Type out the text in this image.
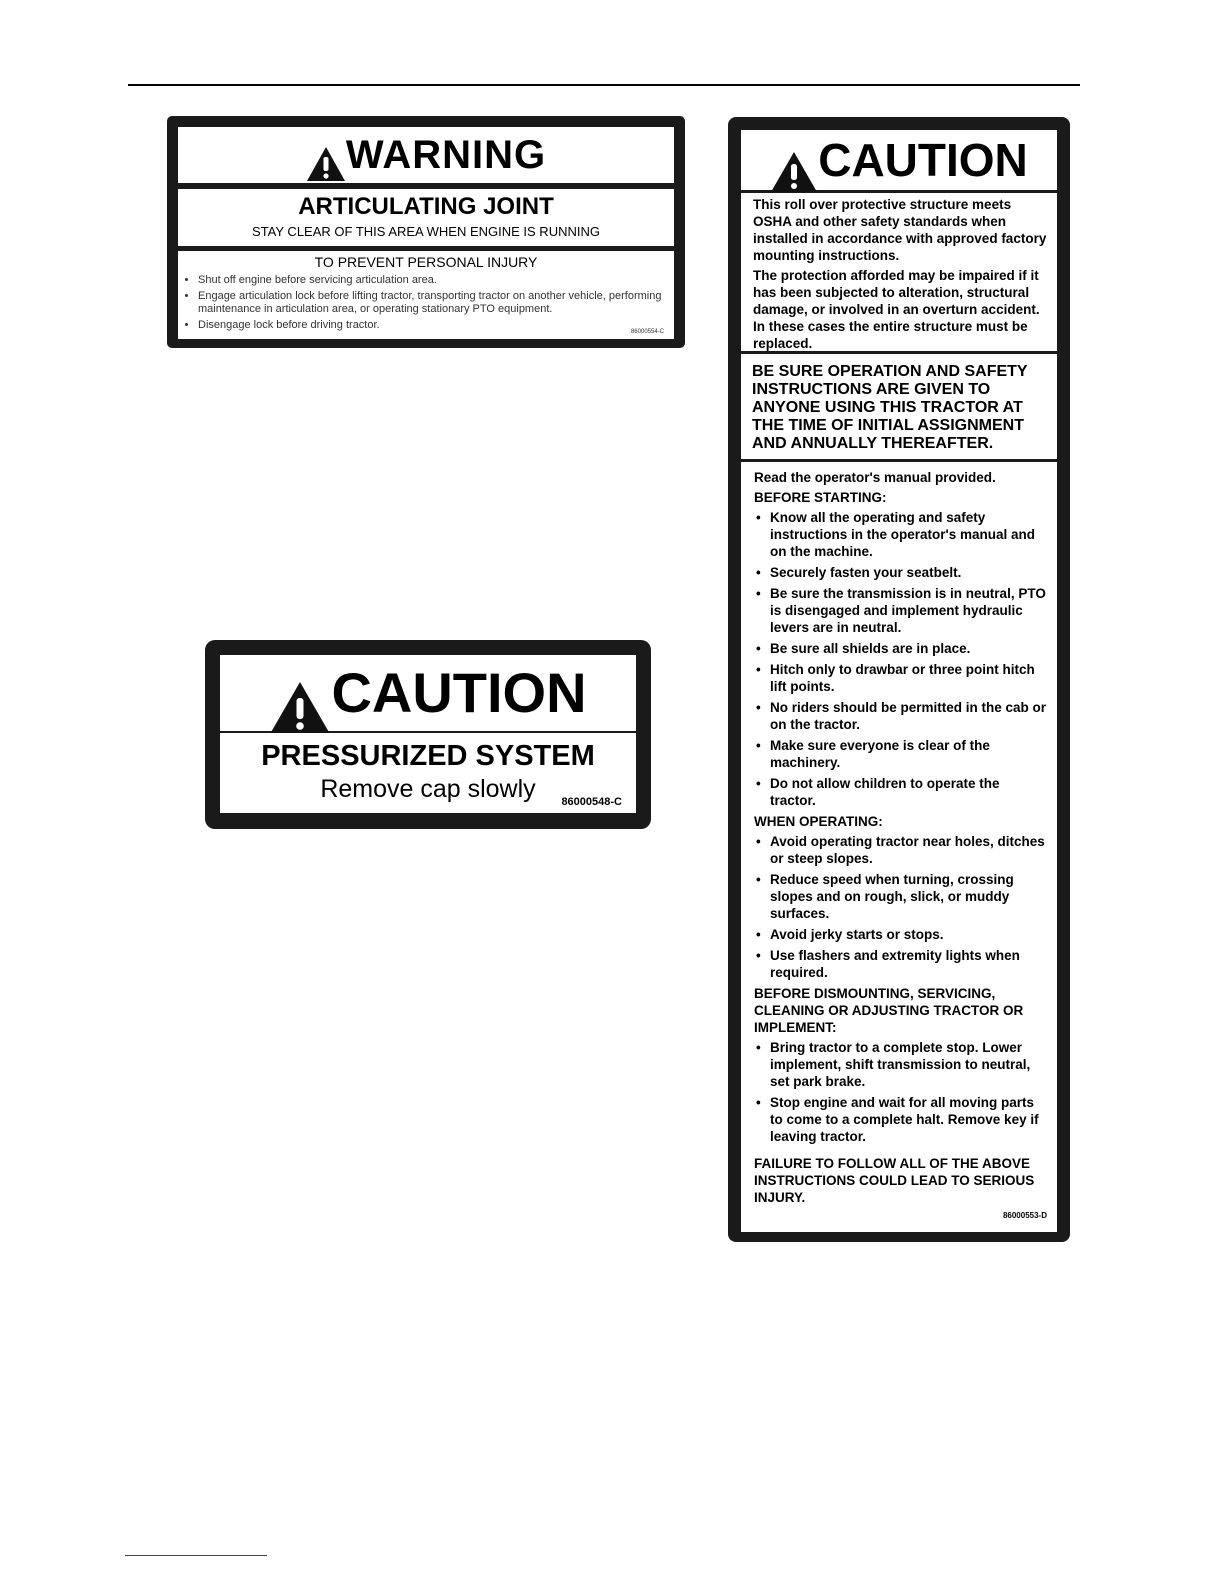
WARNING
ARTICULATING JOINT
STAY CLEAR OF THIS AREA WHEN ENGINE IS RUNNING
TO PREVENT PERSONAL INJURY
• Shut off engine before servicing articulation area.
• Engage articulation lock before lifting tractor, transporting tractor on another vehicle, performing maintenance in articulation area, or operating stationary PTO equipment.
• Disengage lock before driving tractor.
86000554-C
CAUTION
PRESSURIZED SYSTEM
Remove cap slowly	86000548-C
CAUTION

This roll over protective structure meets OSHA and other safety standards when installed in accordance with approved factory mounting instructions.

The protection afforded may be impaired if it has been subjected to alteration, structural damage, or involved in an overturn accident. In these cases the entire structure must be replaced.

BE SURE OPERATION AND SAFETY INSTRUCTIONS ARE GIVEN TO ANYONE USING THIS TRACTOR AT THE TIME OF INITIAL ASSIGNMENT AND ANNUALLY THEREAFTER.
Read the operator's manual provided.
BEFORE STARTING:
• Know all the operating and safety instructions in the operator's manual and on the machine.
• Securely fasten your seatbelt.
• Be sure the transmission is in neutral, PTO is disengaged and implement hydraulic levers are in neutral.
• Be sure all shields are in place.
• Hitch only to drawbar or three point hitch lift points.
• No riders should be permitted in the cab or on the tractor.
• Make sure everyone is clear of the machinery.
• Do not allow children to operate the tractor.
WHEN OPERATING:
• Avoid operating tractor near holes, ditches or steep slopes.
• Reduce speed when turning, crossing slopes and on rough, slick, or muddy surfaces.
• Avoid jerky starts or stops.
• Use flashers and extremity lights when required.
BEFORE DISMOUNTING, SERVICING, CLEANING OR ADJUSTING TRACTOR OR IMPLEMENT:
• Bring tractor to a complete stop. Lower implement, shift transmission to neutral, set park brake.
• Stop engine and wait for all moving parts to come to a complete halt. Remove key if leaving tractor.
FAILURE TO FOLLOW ALL OF THE ABOVE INSTRUCTIONS COULD LEAD TO SERIOUS INJURY.
86000553-D
